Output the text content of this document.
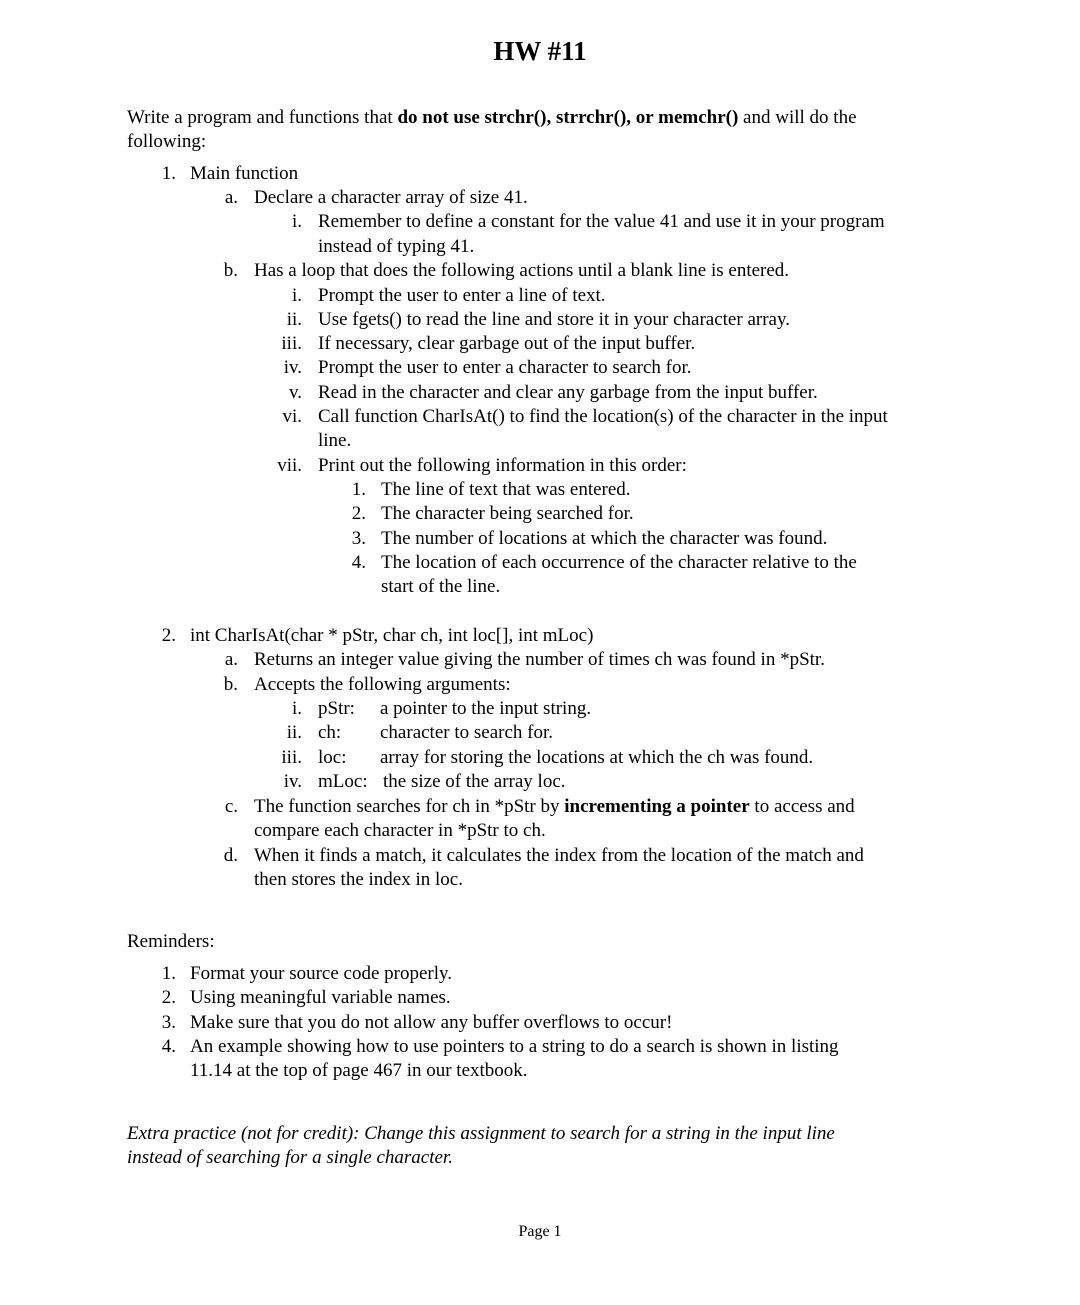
HW #11
Write a program and functions that do not use strchr(), strrchr(), or memchr() and will do the
following:
1. Main function
a. Declare a character array of size 41.
i. Remember to define a constant for the value 41 and use it in your program
instead of typing 41.
b. Has a loop that does the following actions until a blank line is entered.
i. Prompt the user to enter a line of text.
ii. Use fgets() to read the line and store it in your character array.
iii. If necessary, clear garbage out of the input buffer.
iv. Prompt the user to enter a character to search for.
v. Read in the character and clear any garbage from the input buffer.
vi. Call function CharIsAt() to find the location(s) of the character in the input
line.
vii. Print out the following information in this order:
1. The line of text that was entered.
2. The character being searched for.
3. The number of locations at which the character was found.
4. The location of each occurrence of the character relative to the
start of the line.
2. int CharIsAt(char * pStr, char ch, int loc[], int mLoc)
a. Returns an integer value giving the number of times ch was found in *pStr.
b. Accepts the following arguments:
i. pStr: a pointer to the input string.
ii. ch: character to search for.
iii. loc: array for storing the locations at which the ch was found.
iv. mLoc: the size of the array loc.
c. The function searches for ch in *pStr by incrementing a pointer to access and
compare each character in *pStr to ch.
d. When it finds a match, it calculates the index from the location of the match and
then stores the index in loc.
Reminders:
1. Format your source code properly.
2. Using meaningful variable names.
3. Make sure that you do not allow any buffer overflows to occur!
4. An example showing how to use pointers to a string to do a search is shown in listing
11.14 at the top of page 467 in our textbook.
Extra practice (not for credit): Change this assignment to search for a string in the input line
instead of searching for a single character.
Page 1
